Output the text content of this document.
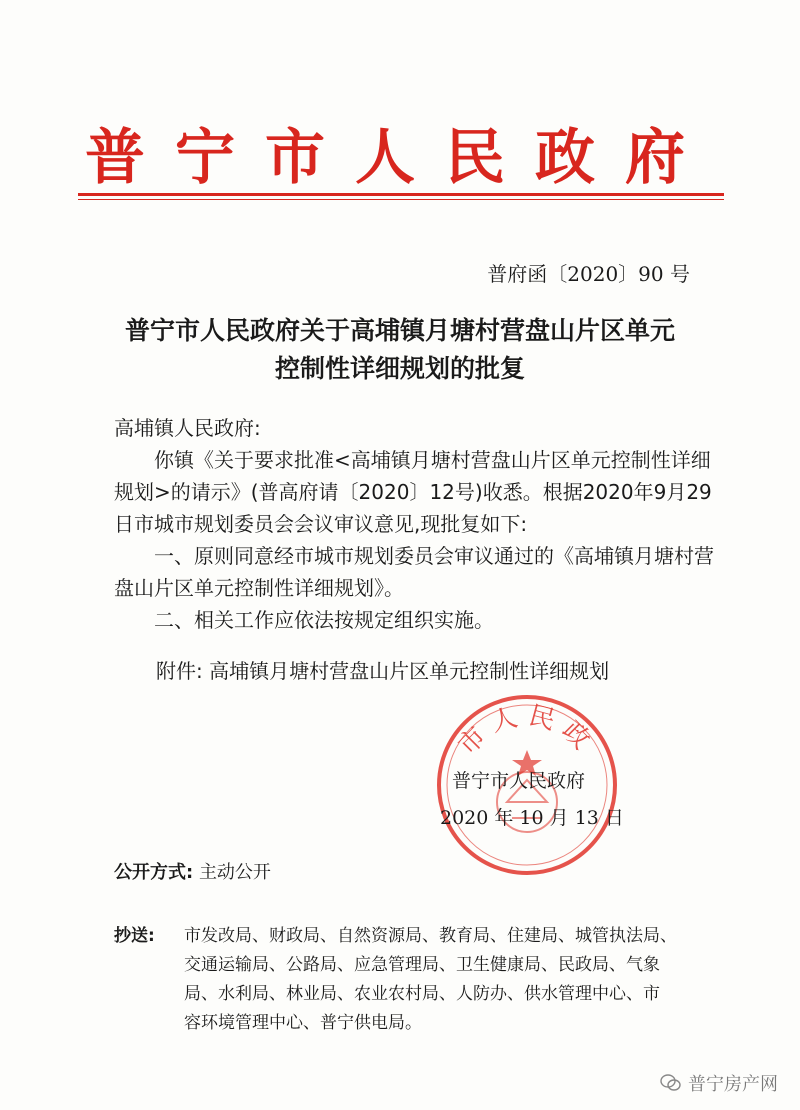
普宁市人民政府
普府函〔2020〕90 号
普宁市人民政府关于高埔镇月塘村营盘山片区单元
控制性详细规划的批复

高埔镇人民政府:

你镇《关于要求批准<高埔镇月塘村营盘山片区单元控制性详细规划>的请示》(普高府请〔2020〕12号)收悉。根据2020年9月29日市城市规划委员会会议审议意见,现批复如下:

一、原则同意经市城市规划委员会审议通过的《高埔镇月塘村营盘山片区单元控制性详细规划》。

二、相关工作应依法按规定组织实施。

附件: 高埔镇月塘村营盘山片区单元控制性详细规划
市人民政
普宁市人民政府
2020 年 10 月 13 日
公开方式: 主动公开
抄送: 市发改局、财政局、自然资源局、教育局、住建局、城管执法局、
交通运输局、公路局、应急管理局、卫生健康局、民政局、气象
局、水利局、林业局、农业农村局、人防办、供水管理中心、市
容环境管理中心、普宁供电局。
普宁房产网
